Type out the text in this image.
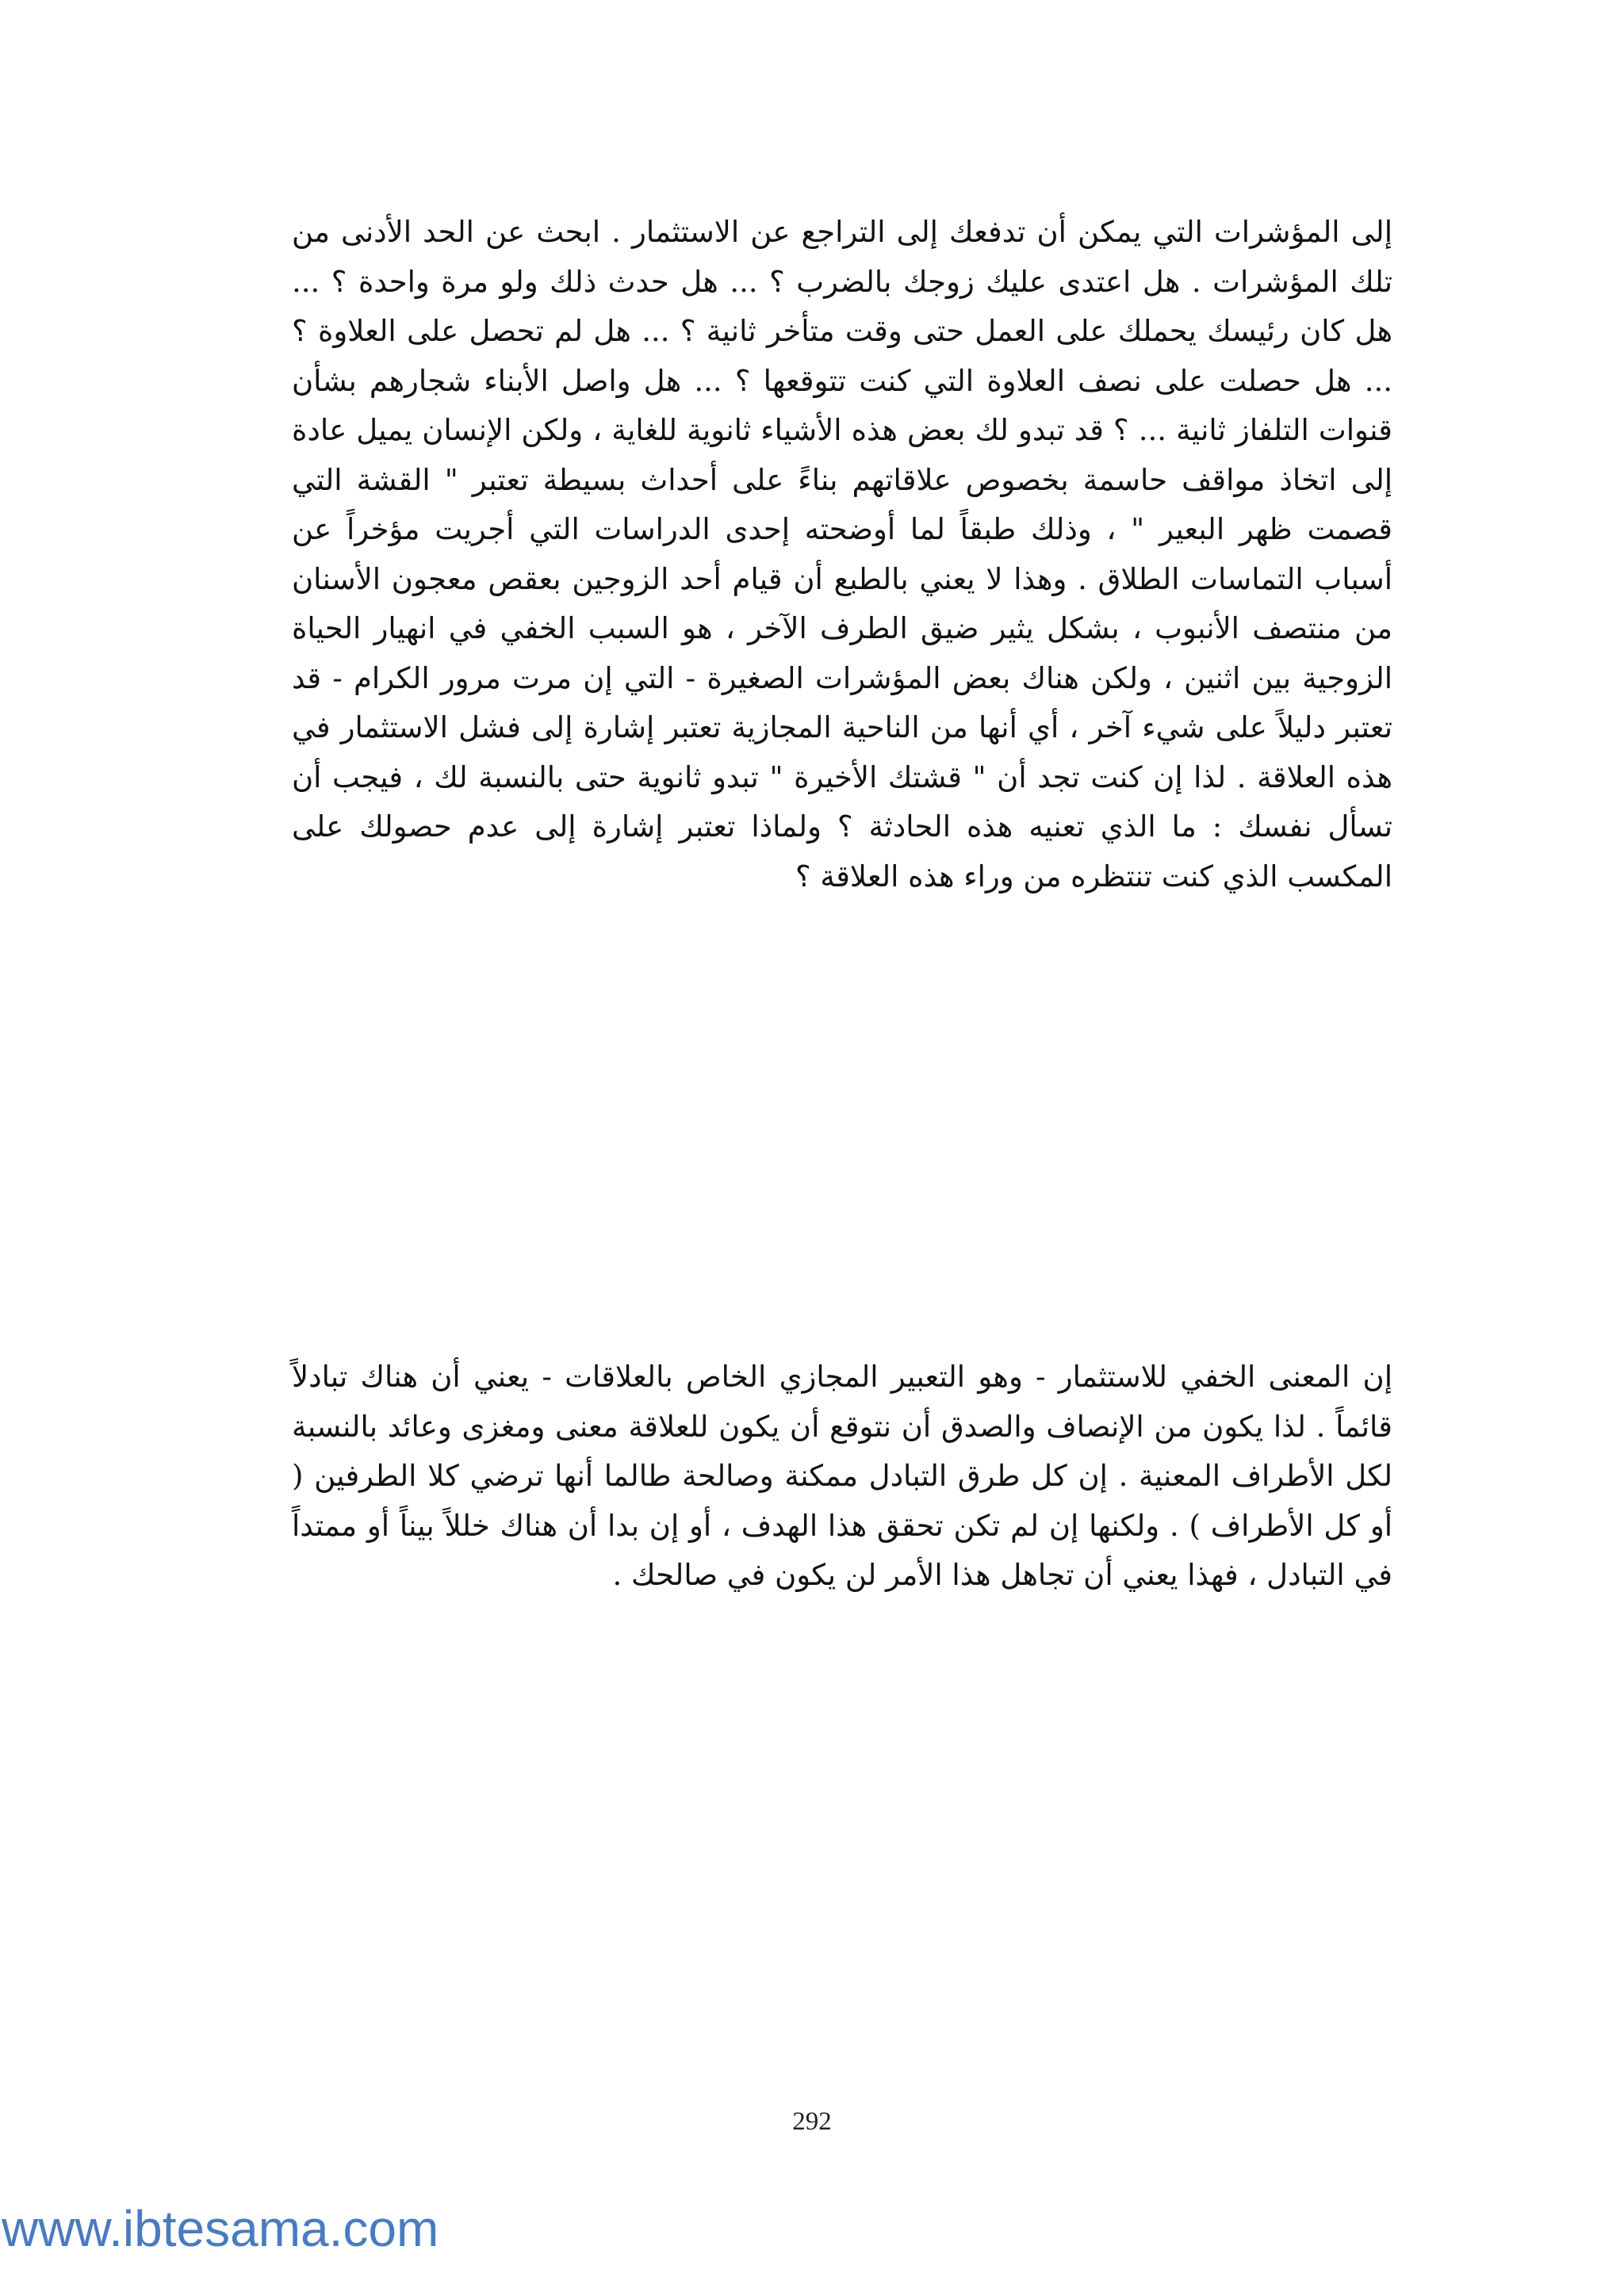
إلى المؤشرات التي يمكن أن تدفعك إلى التراجع عن الاستثمار . ابحث عن الحد الأدنى من تلك المؤشرات . هل اعتدى عليك زوجك بالضرب ؟ ... هل حدث ذلك ولو مرة واحدة ؟ ... هل كان رئيسك يحملك على العمل حتى وقت متأخر ثانية ؟ ... هل لم تحصل على العلاوة ؟ ... هل حصلت على نصف العلاوة التي كنت تتوقعها ؟ ... هل واصل الأبناء شجارهم بشأن قنوات التلفاز ثانية ... ؟ قد تبدو لك بعض هذه الأشياء ثانوية للغاية ، ولكن الإنسان يميل عادة إلى اتخاذ مواقف حاسمة بخصوص علاقاتهم بناءً على أحداث بسيطة تعتبر " القشة التي قصمت ظهر البعير " ، وذلك طبقاً لما أوضحته إحدى الدراسات التي أجريت مؤخراً عن أسباب التماسات الطلاق . وهذا لا يعني بالطبع أن قيام أحد الزوجين بعقص معجون الأسنان من منتصف الأنبوب ، بشكل يثير ضيق الطرف الآخر ، هو السبب الخفي في انهيار الحياة الزوجية بين اثنين ، ولكن هناك بعض المؤشرات الصغيرة - التي إن مرت مرور الكرام - قد تعتبر دليلاً على شيء آخر ، أي أنها من الناحية المجازية تعتبر إشارة إلى فشل الاستثمار في هذه العلاقة . لذا إن كنت تجد أن " قشتك الأخيرة " تبدو ثانوية حتى بالنسبة لك ، فيجب أن تسأل نفسك : ما الذي تعنيه هذه الحادثة ؟ ولماذا تعتبر إشارة إلى عدم حصولك على المكسب الذي كنت تنتظره من وراء هذه العلاقة ؟

إن المعنى الخفي للاستثمار - وهو التعبير المجازي الخاص بالعلاقات - يعني أن هناك تبادلاً قائماً . لذا يكون من الإنصاف والصدق أن نتوقع أن يكون للعلاقة معنى ومغزى وعائد بالنسبة لكل الأطراف المعنية . إن كل طرق التبادل ممكنة وصالحة طالما أنها ترضي كلا الطرفين ( أو كل الأطراف ) . ولكنها إن لم تكن تحقق هذا الهدف ، أو إن بدا أن هناك خللاً بيناً أو ممتداً في التبادل ، فهذا يعني أن تجاهل هذا الأمر لن يكون في صالحك .

292
www.ibtesama.com
